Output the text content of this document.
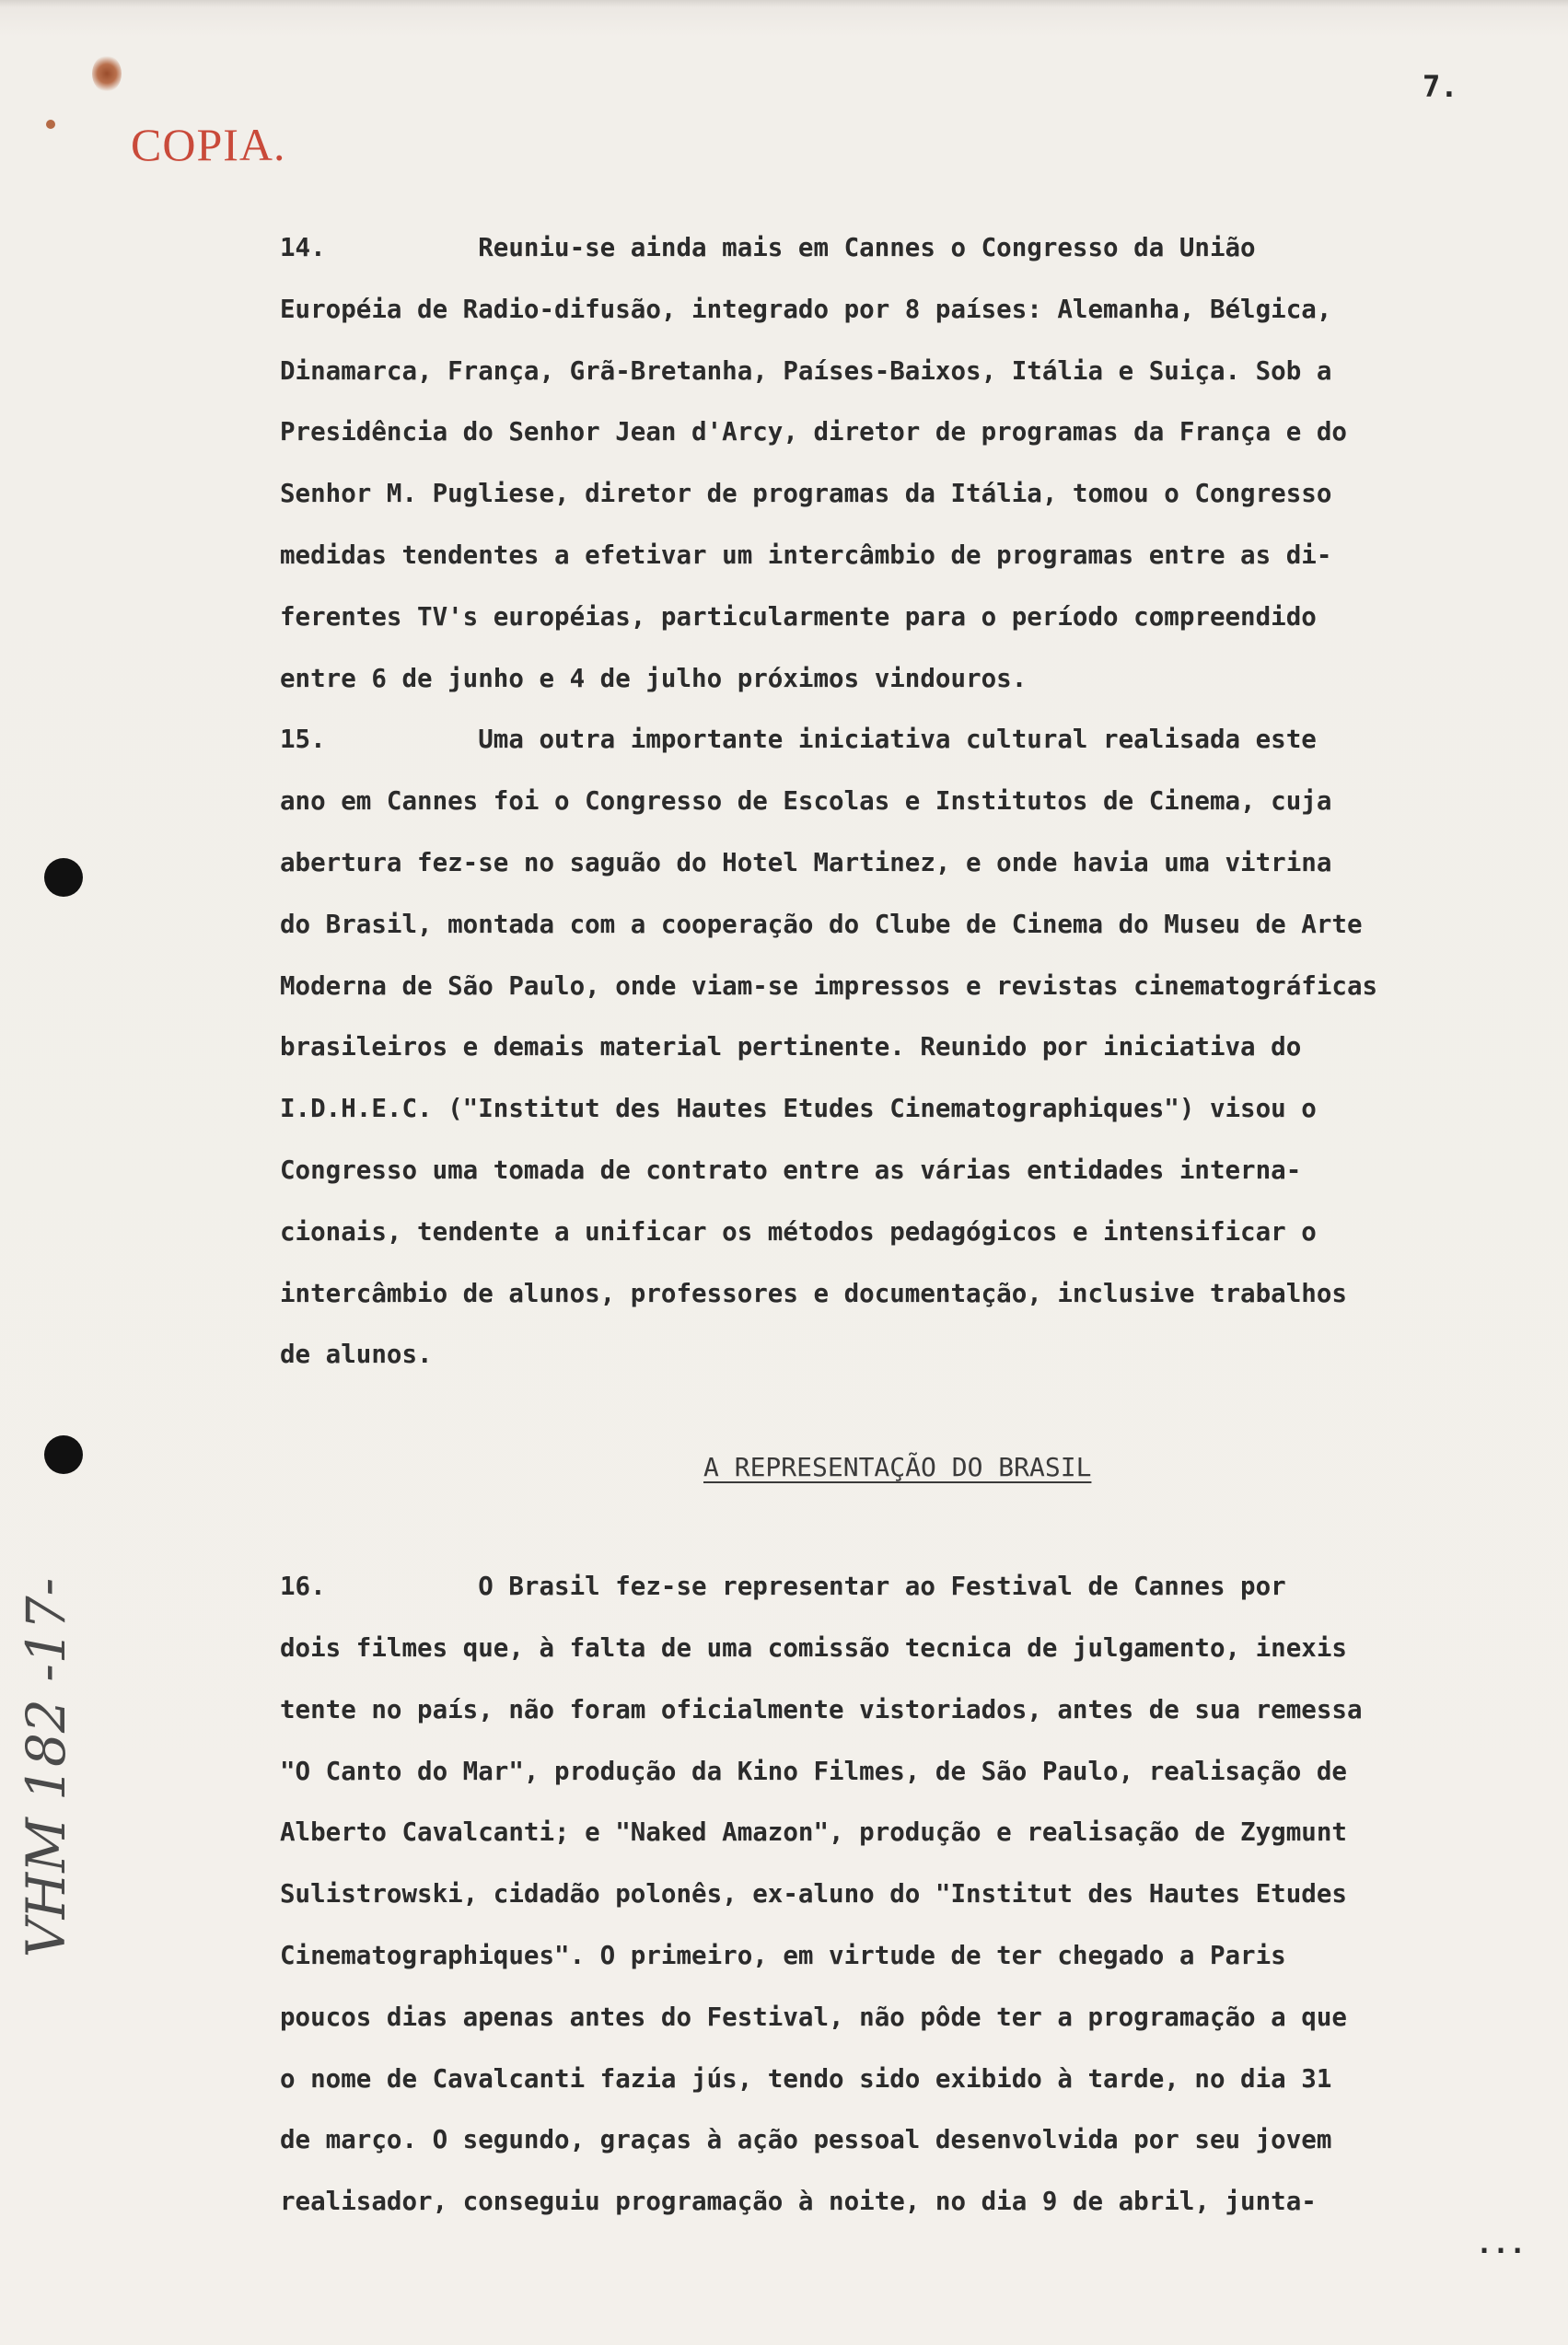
COPIA.
7.
VHM 182 -17-
14.          Reuniu-se ainda mais em Cannes o Congresso da União
Européia de Radio-difusão, integrado por 8 países: Alemanha, Bélgica,
Dinamarca, França, Grã-Bretanha, Países-Baixos, Itália e Suiça. Sob a
Presidência do Senhor Jean d'Arcy, diretor de programas da França e do
Senhor M. Pugliese, diretor de programas da Itália, tomou o Congresso
medidas tendentes a efetivar um intercâmbio de programas entre as di-
ferentes TV's européias, particularmente para o período compreendido
entre 6 de junho e 4 de julho próximos vindouros.
15.          Uma outra importante iniciativa cultural realisada este
ano em Cannes foi o Congresso de Escolas e Institutos de Cinema, cuja
abertura fez-se no saguão do Hotel Martinez, e onde havia uma vitrina
do Brasil, montada com a cooperação do Clube de Cinema do Museu de Arte
Moderna de São Paulo, onde viam-se impressos e revistas cinematográficas
brasileiros e demais material pertinente. Reunido por iniciativa do
I.D.H.E.C. ("Institut des Hautes Etudes Cinematographiques") visou o
Congresso uma tomada de contrato entre as várias entidades interna-
cionais, tendente a unificar os métodos pedagógicos e intensificar o
intercâmbio de alunos, professores e documentação, inclusive trabalhos
de alunos.
A REPRESENTAÇÃO DO BRASIL
16.          O Brasil fez-se representar ao Festival de Cannes por
dois filmes que, à falta de uma comissão tecnica de julgamento, inexis
tente no país, não foram oficialmente vistoriados, antes de sua remessa
"O Canto do Mar", produção da Kino Filmes, de São Paulo, realisação de
Alberto Cavalcanti; e "Naked Amazon", produção e realisação de Zygmunt
Sulistrowski, cidadão polonês, ex-aluno do "Institut des Hautes Etudes
Cinematographiques". O primeiro, em virtude de ter chegado a Paris
poucos dias apenas antes do Festival, não pôde ter a programação a que
o nome de Cavalcanti fazia jús, tendo sido exibido à tarde, no dia 31
de março. O segundo, graças à ação pessoal desenvolvida por seu jovem
realisador, conseguiu programação à noite, no dia 9 de abril, junta-
...
